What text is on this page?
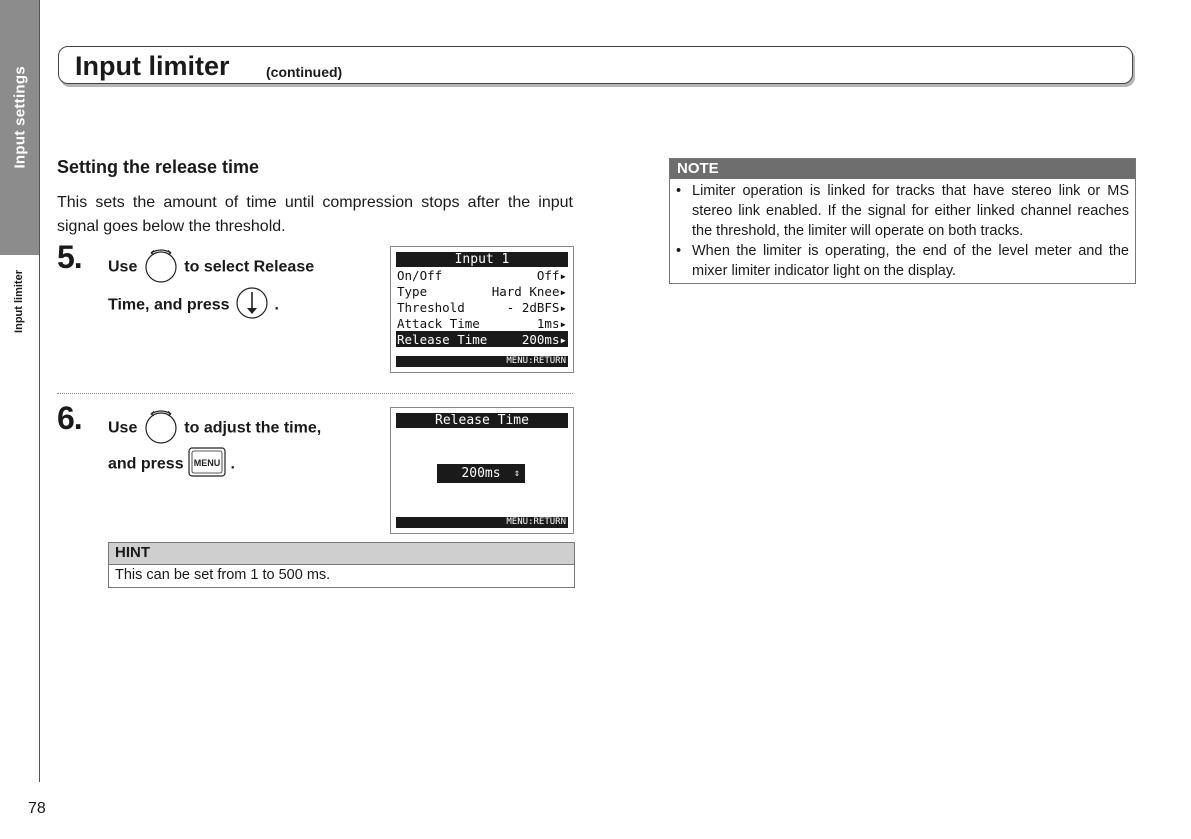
Input settings
Input limiter
78
Input limiter	(continued)
Setting the release time
This sets the amount of time until compression stops after the input signal goes below the threshold.
5. Use	to select Release
Time, and press	.
Input 1
On/Off	Off▸
Type	Hard Knee▸
Threshold	- 2dBFS▸
Attack Time	1ms▸
Release Time	200ms▸
MENU:RETURN
6. Use	to adjust the time,
and press MENU .
Release Time
200ms ⇕
MENU:RETURN
HINT
This can be set from 1 to 500 ms.
NOTE
• Limiter operation is linked for tracks that have stereo link or MS stereo link enabled. If the signal for either linked channel reaches the threshold, the limiter will operate on both tracks.
• When the limiter is operating, the end of the level meter and the mixer limiter indicator light on the display.
